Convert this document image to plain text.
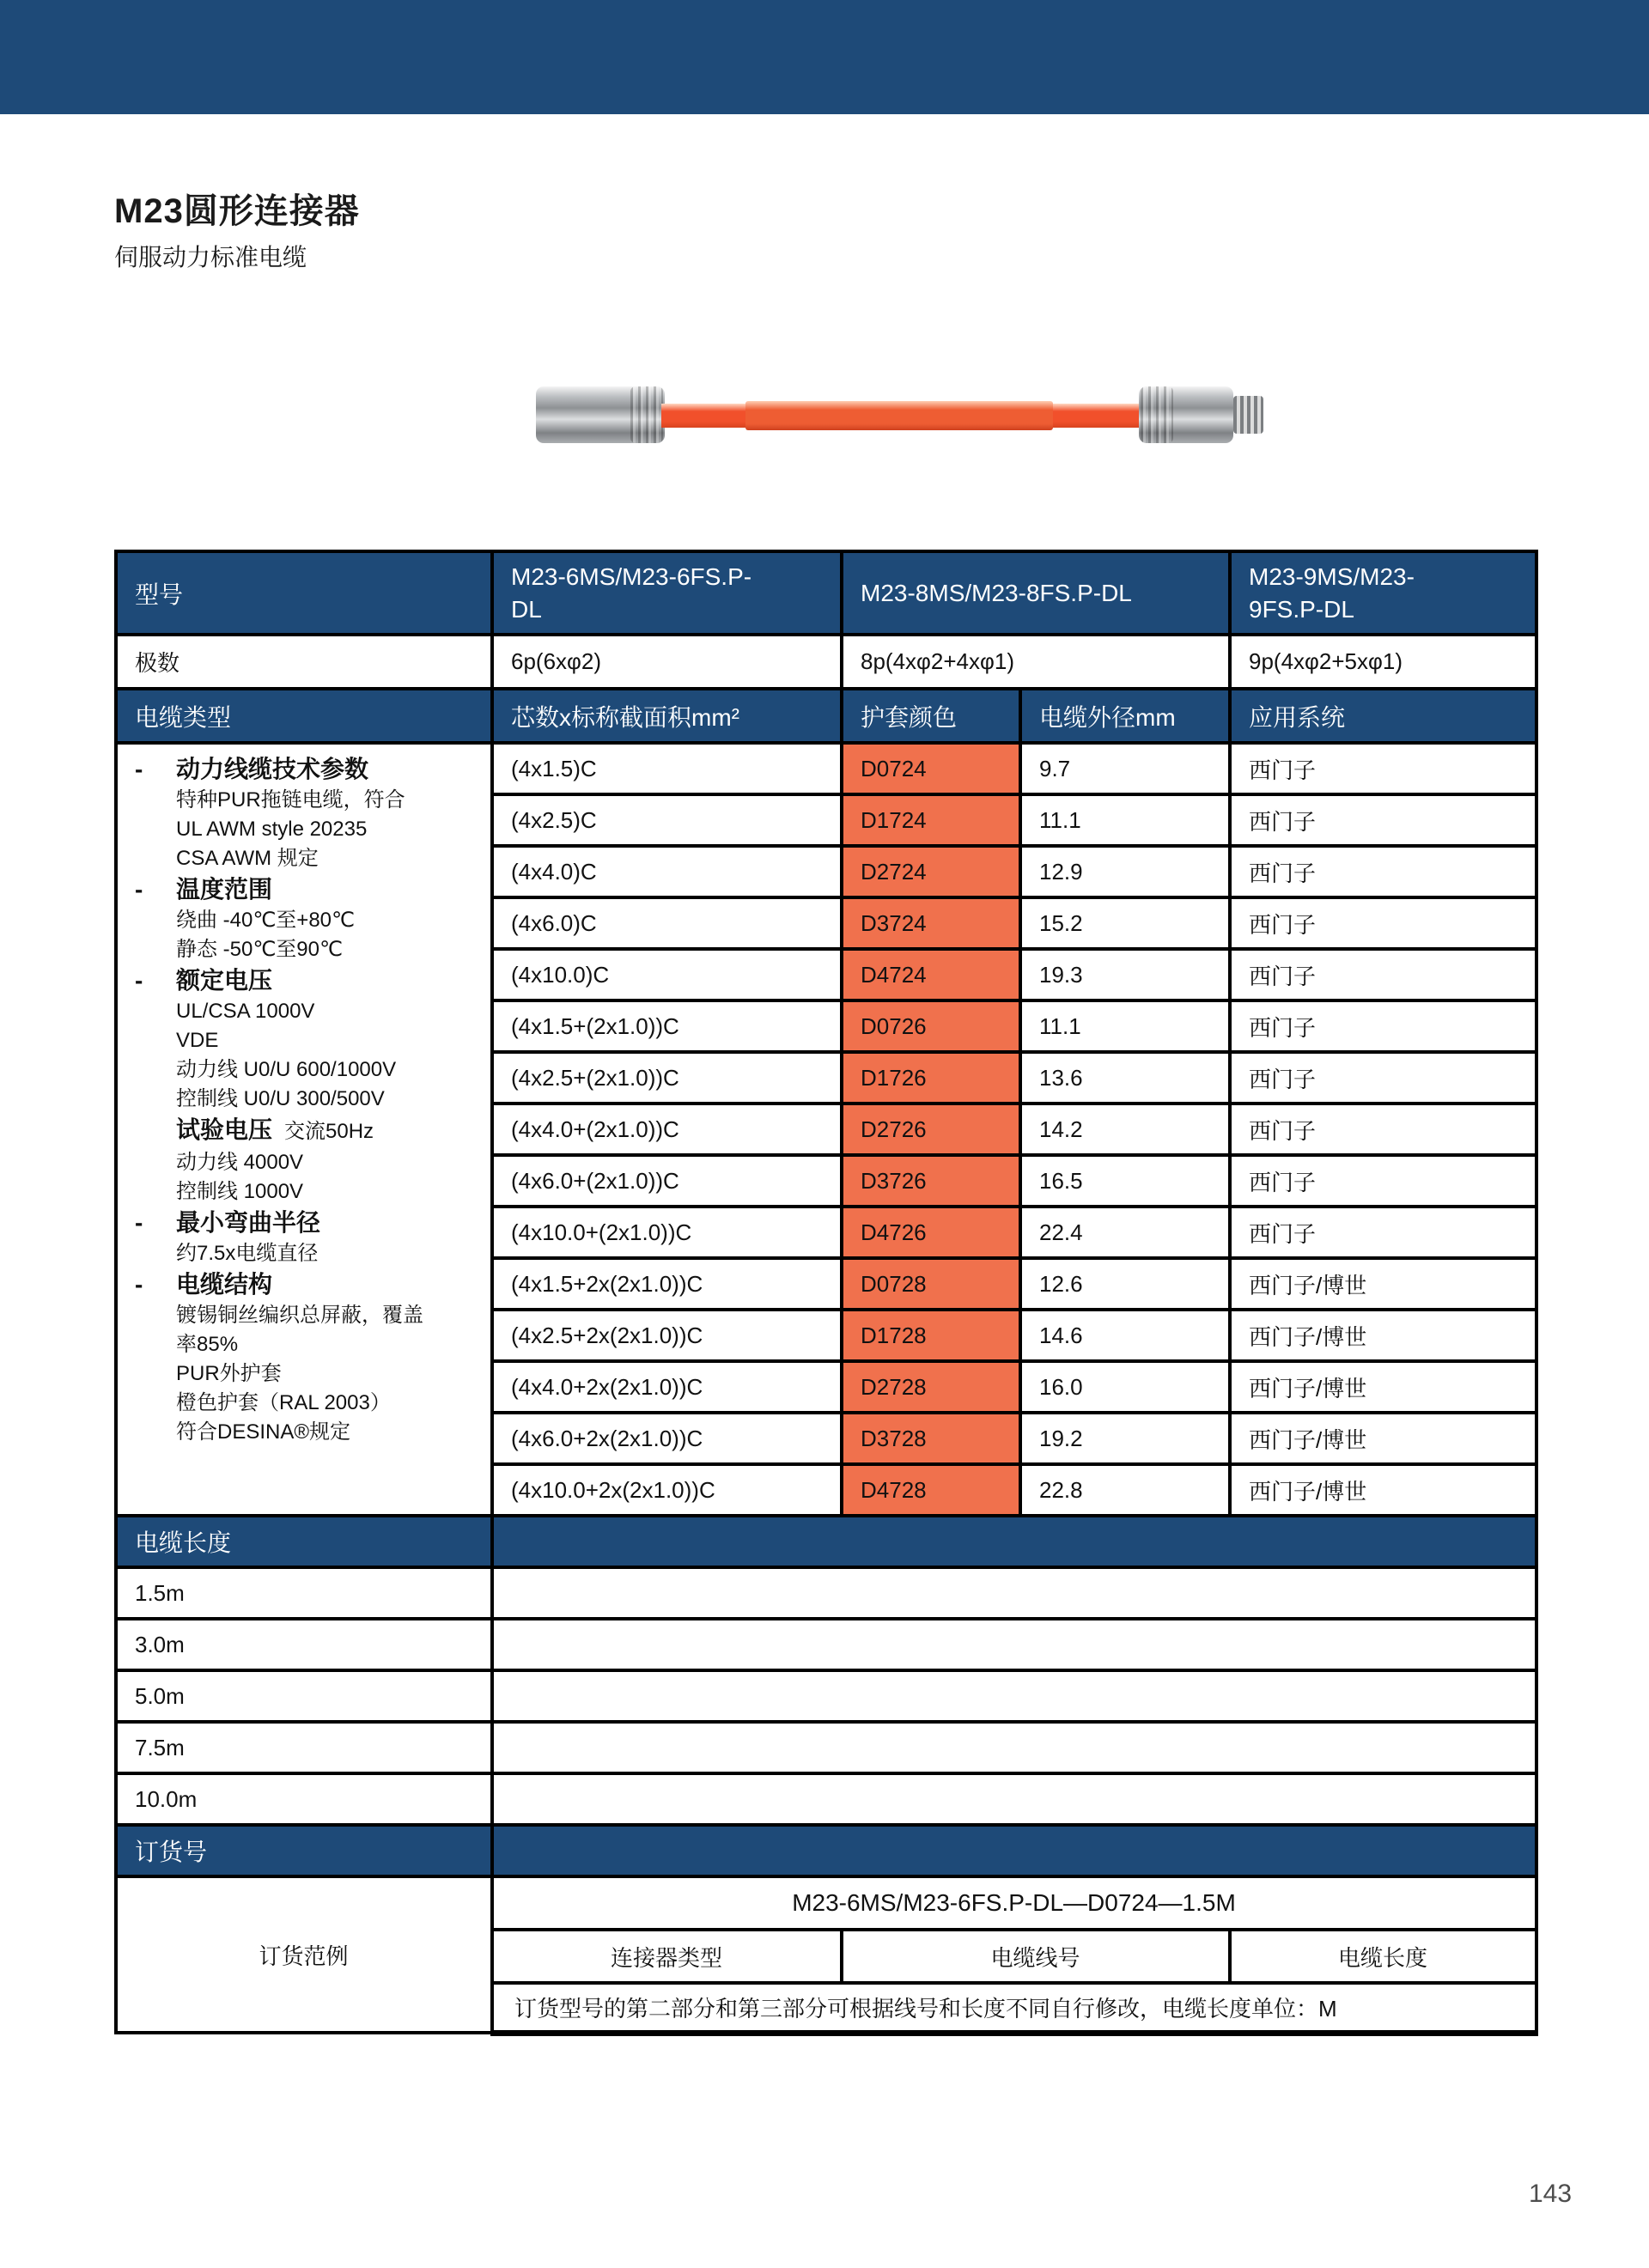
M23圆形连接器
伺服动力标准电缆
型号	M23-6MS/M23-6FS.P-DL	M23-8MS/M23-8FS.P-DL		M23-9MS/M23-9FS.P-DL

极数	6p(6xφ2)	8p(4xφ2+4xφ1)		9p(4xφ2+5xφ1)
电缆类型	芯数x标称截面积mm²	护套颜色	电缆外径mm	应用系统

-	动力线缆技术参数
特种PUR拖链电缆，符合
UL AWM style 20235
CSA AWM 规定
-	温度范围
绕曲 -40℃至+80℃
静态 -50℃至90℃
-	额定电压
UL/CSA 1000V
VDE
动力线 U0/U 600/1000V
控制线 U0/U 300/500V
试验电压 交流50Hz
动力线 4000V
控制线 1000V
-	最小弯曲半径
约7.5x电缆直径
-	电缆结构
镀锡铜丝编织总屏蔽，覆盖
率85%
PUR外护套
橙色护套（RAL 2003）
符合DESINA®规定
	(4x1.5)C	D0724	9.7	西门子
	(4x2.5)C	D1724	11.1	西门子
	(4x4.0)C	D2724	12.9	西门子
	(4x6.0)C	D3724	15.2	西门子
	(4x10.0)C	D4724	19.3	西门子
	(4x1.5+(2x1.0))C	D0726	11.1	西门子
	(4x2.5+(2x1.0))C	D1726	13.6	西门子
	(4x4.0+(2x1.0))C	D2726	14.2	西门子
	(4x6.0+(2x1.0))C	D3726	16.5	西门子
	(4x10.0+(2x1.0))C	D4726	22.4	西门子
	(4x1.5+2x(2x1.0))C	D0728	12.6	西门子/博世
	(4x2.5+2x(2x1.0))C	D1728	14.6	西门子/博世
	(4x4.0+2x(2x1.0))C	D2728	16.0	西门子/博世
	(4x6.0+2x(2x1.0))C	D3728	19.2	西门子/博世
	(4x10.0+2x(2x1.0))C	D4728	22.8	西门子/博世
电缆长度				
1.5m				
3.0m				
5.0m				
7.5m				
10.0m				
订货号				
订货范例	M23-6MS/M23-6FS.P-DL—D0724—1.5M			
	连接器类型	电缆线号		电缆长度
	订货型号的第二部分和第三部分可根据线号和长度不同自行修改，电缆长度单位：M			
143
